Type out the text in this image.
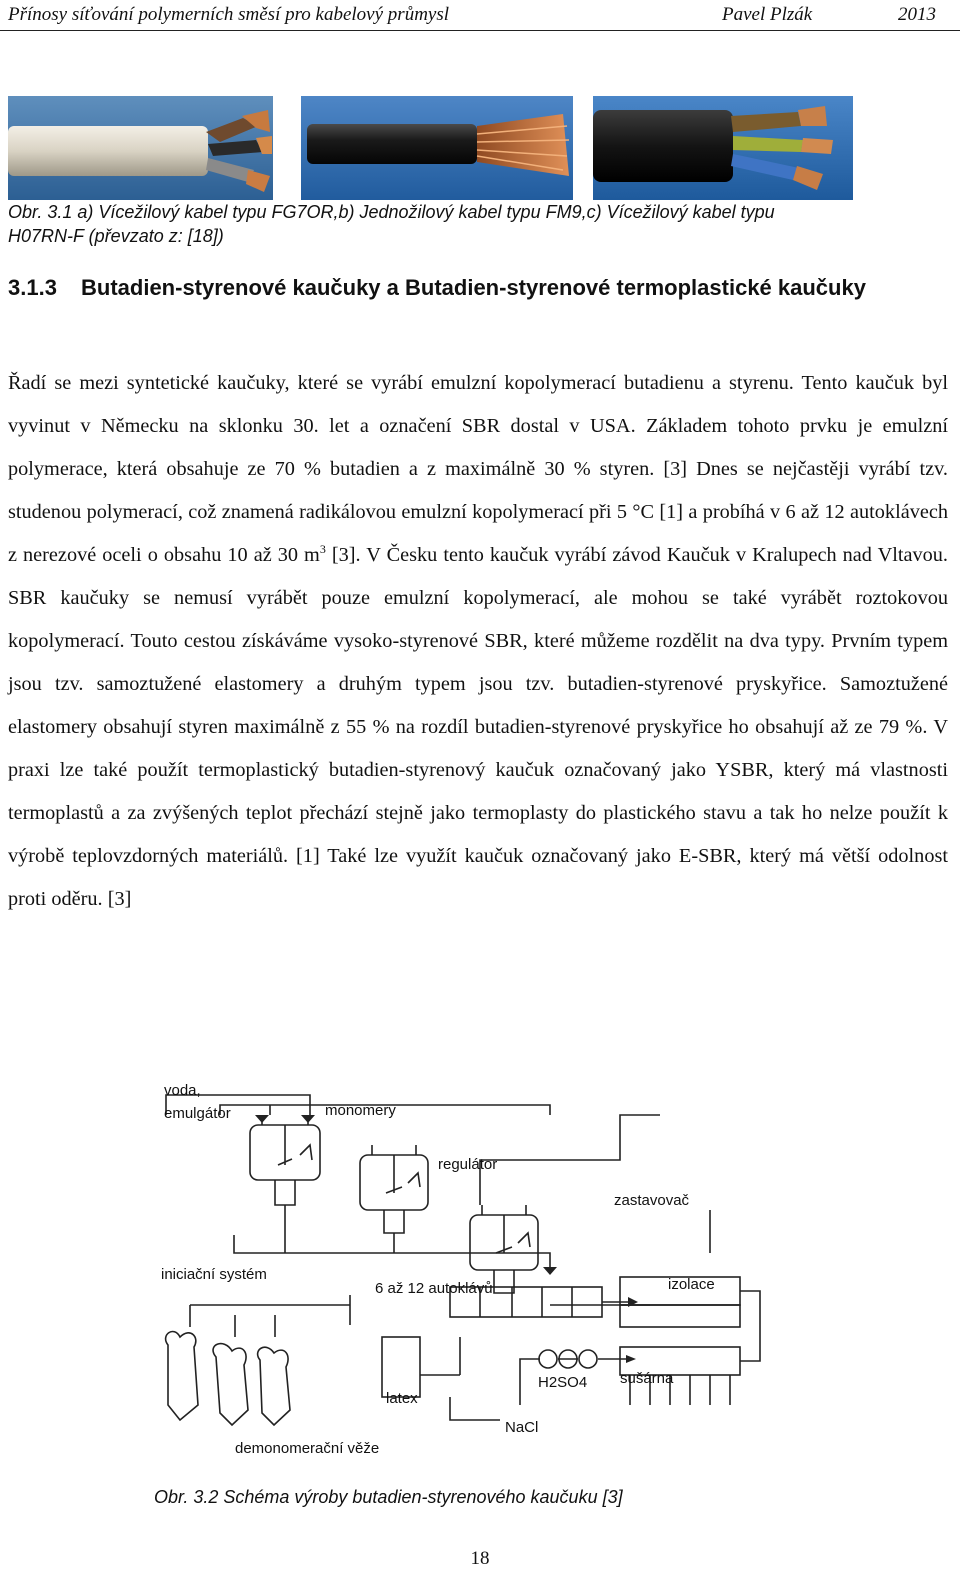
Přínosy síťování polymerních směsí pro kabelový průmysl	Pavel Plzák	2013
Obr. 3.1 a) Vícežilový kabel typu FG7OR,b) Jednožilový kabel typu FM9,c) Vícežilový kabel typu
H07RN-F (převzato z: [18])
3.1.3	Butadien-styrenové kaučuky a Butadien-styrenové termoplastické kaučuky

Řadí se mezi syntetické kaučuky, které se vyrábí emulzní kopolymerací butadienu a styrenu. Tento kaučuk byl vyvinut v Německu na sklonku 30. let a označení SBR dostal v USA. Základem tohoto prvku je emulzní polymerace, která obsahuje ze 70 % butadien a z maximálně 30 % styren. [3] Dnes se nejčastěji vyrábí tzv. studenou polymerací, což znamená radikálovou emulzní kopolymerací při 5 °C [1] a probíhá v 6 až 12 autoklávech z nerezové oceli o obsahu 10 až 30 $m^3$ [3]. V Česku tento kaučuk vyrábí závod Kaučuk v Kralupech nad Vltavou. SBR kaučuky se nemusí vyrábět pouze emulzní kopolymerací, ale mohou se také vyrábět roztokovou kopolymerací. Touto cestou získáváme vysoko-styrenové SBR, které můžeme rozdělit na dva typy. Prvním typem jsou tzv. samoztužené elastomery a druhým typem jsou tzv. butadien-styrenové pryskyřice. Samoztužené elastomery obsahují styren maximálně z 55 % na rozdíl butadien-styrenové pryskyřice ho obsahují až ze 79 %. V praxi lze také použít termoplastický butadien-styrenový kaučuk označovaný jako YSBR, který má vlastnosti termoplastů a za zvýšených teplot přechází stejně jako termoplasty do plastického stavu a tak ho nelze použít k výrobě teplovzdorných materiálů. [1] Také lze využít kaučuk označovaný jako E-SBR, který má větší odolnost proti oděru. [3]

voda,
emulgátor	monomery
regulátor
zastavovač
iniciační systém
6 až 12 autoklávů	izolace
latex
H2SO4 sušárna
NaCl
demonomerační věže
Obr. 3.2 Schéma výroby butadien-styrenového kaučuku [3]
18
